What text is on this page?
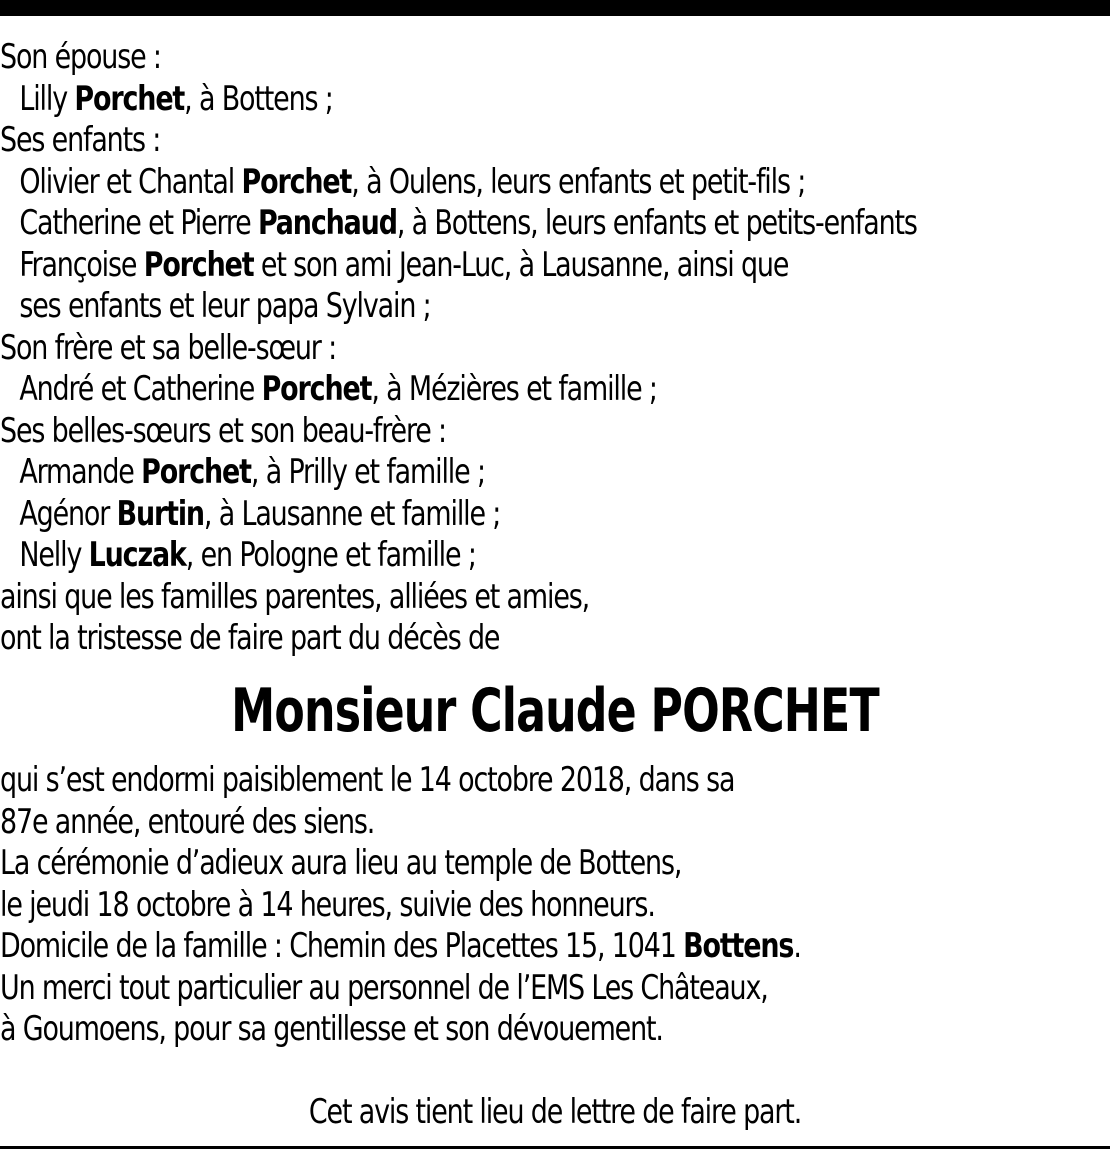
Son épouse :
Lilly Porchet, à Bottens ;
Ses enfants :
Olivier et Chantal Porchet, à Oulens, leurs enfants et petit-fils ;
Catherine et Pierre Panchaud, à Bottens, leurs enfants et petits-enfants
Françoise Porchet et son ami Jean-Luc, à Lausanne, ainsi que
ses enfants et leur papa Sylvain ;
Son frère et sa belle-sœur :
André et Catherine Porchet, à Mézières et famille ;
Ses belles-sœurs et son beau-frère :
Armande Porchet, à Prilly et famille ;
Agénor Burtin, à Lausanne et famille ;
Nelly Luczak, en Pologne et famille ;
ainsi que les familles parentes, alliées et amies,
ont la tristesse de faire part du décès de
Monsieur Claude PORCHET
qui s’est endormi paisiblement le 14 octobre 2018, dans sa
87e année, entouré des siens.
La cérémonie d’adieux aura lieu au temple de Bottens,
le jeudi 18 octobre à 14 heures, suivie des honneurs.
Domicile de la famille : Chemin des Placettes 15, 1041 Bottens.
Un merci tout particulier au personnel de l’EMS Les Châteaux,
à Goumoens, pour sa gentillesse et son dévouement.
Cet avis tient lieu de lettre de faire part.
